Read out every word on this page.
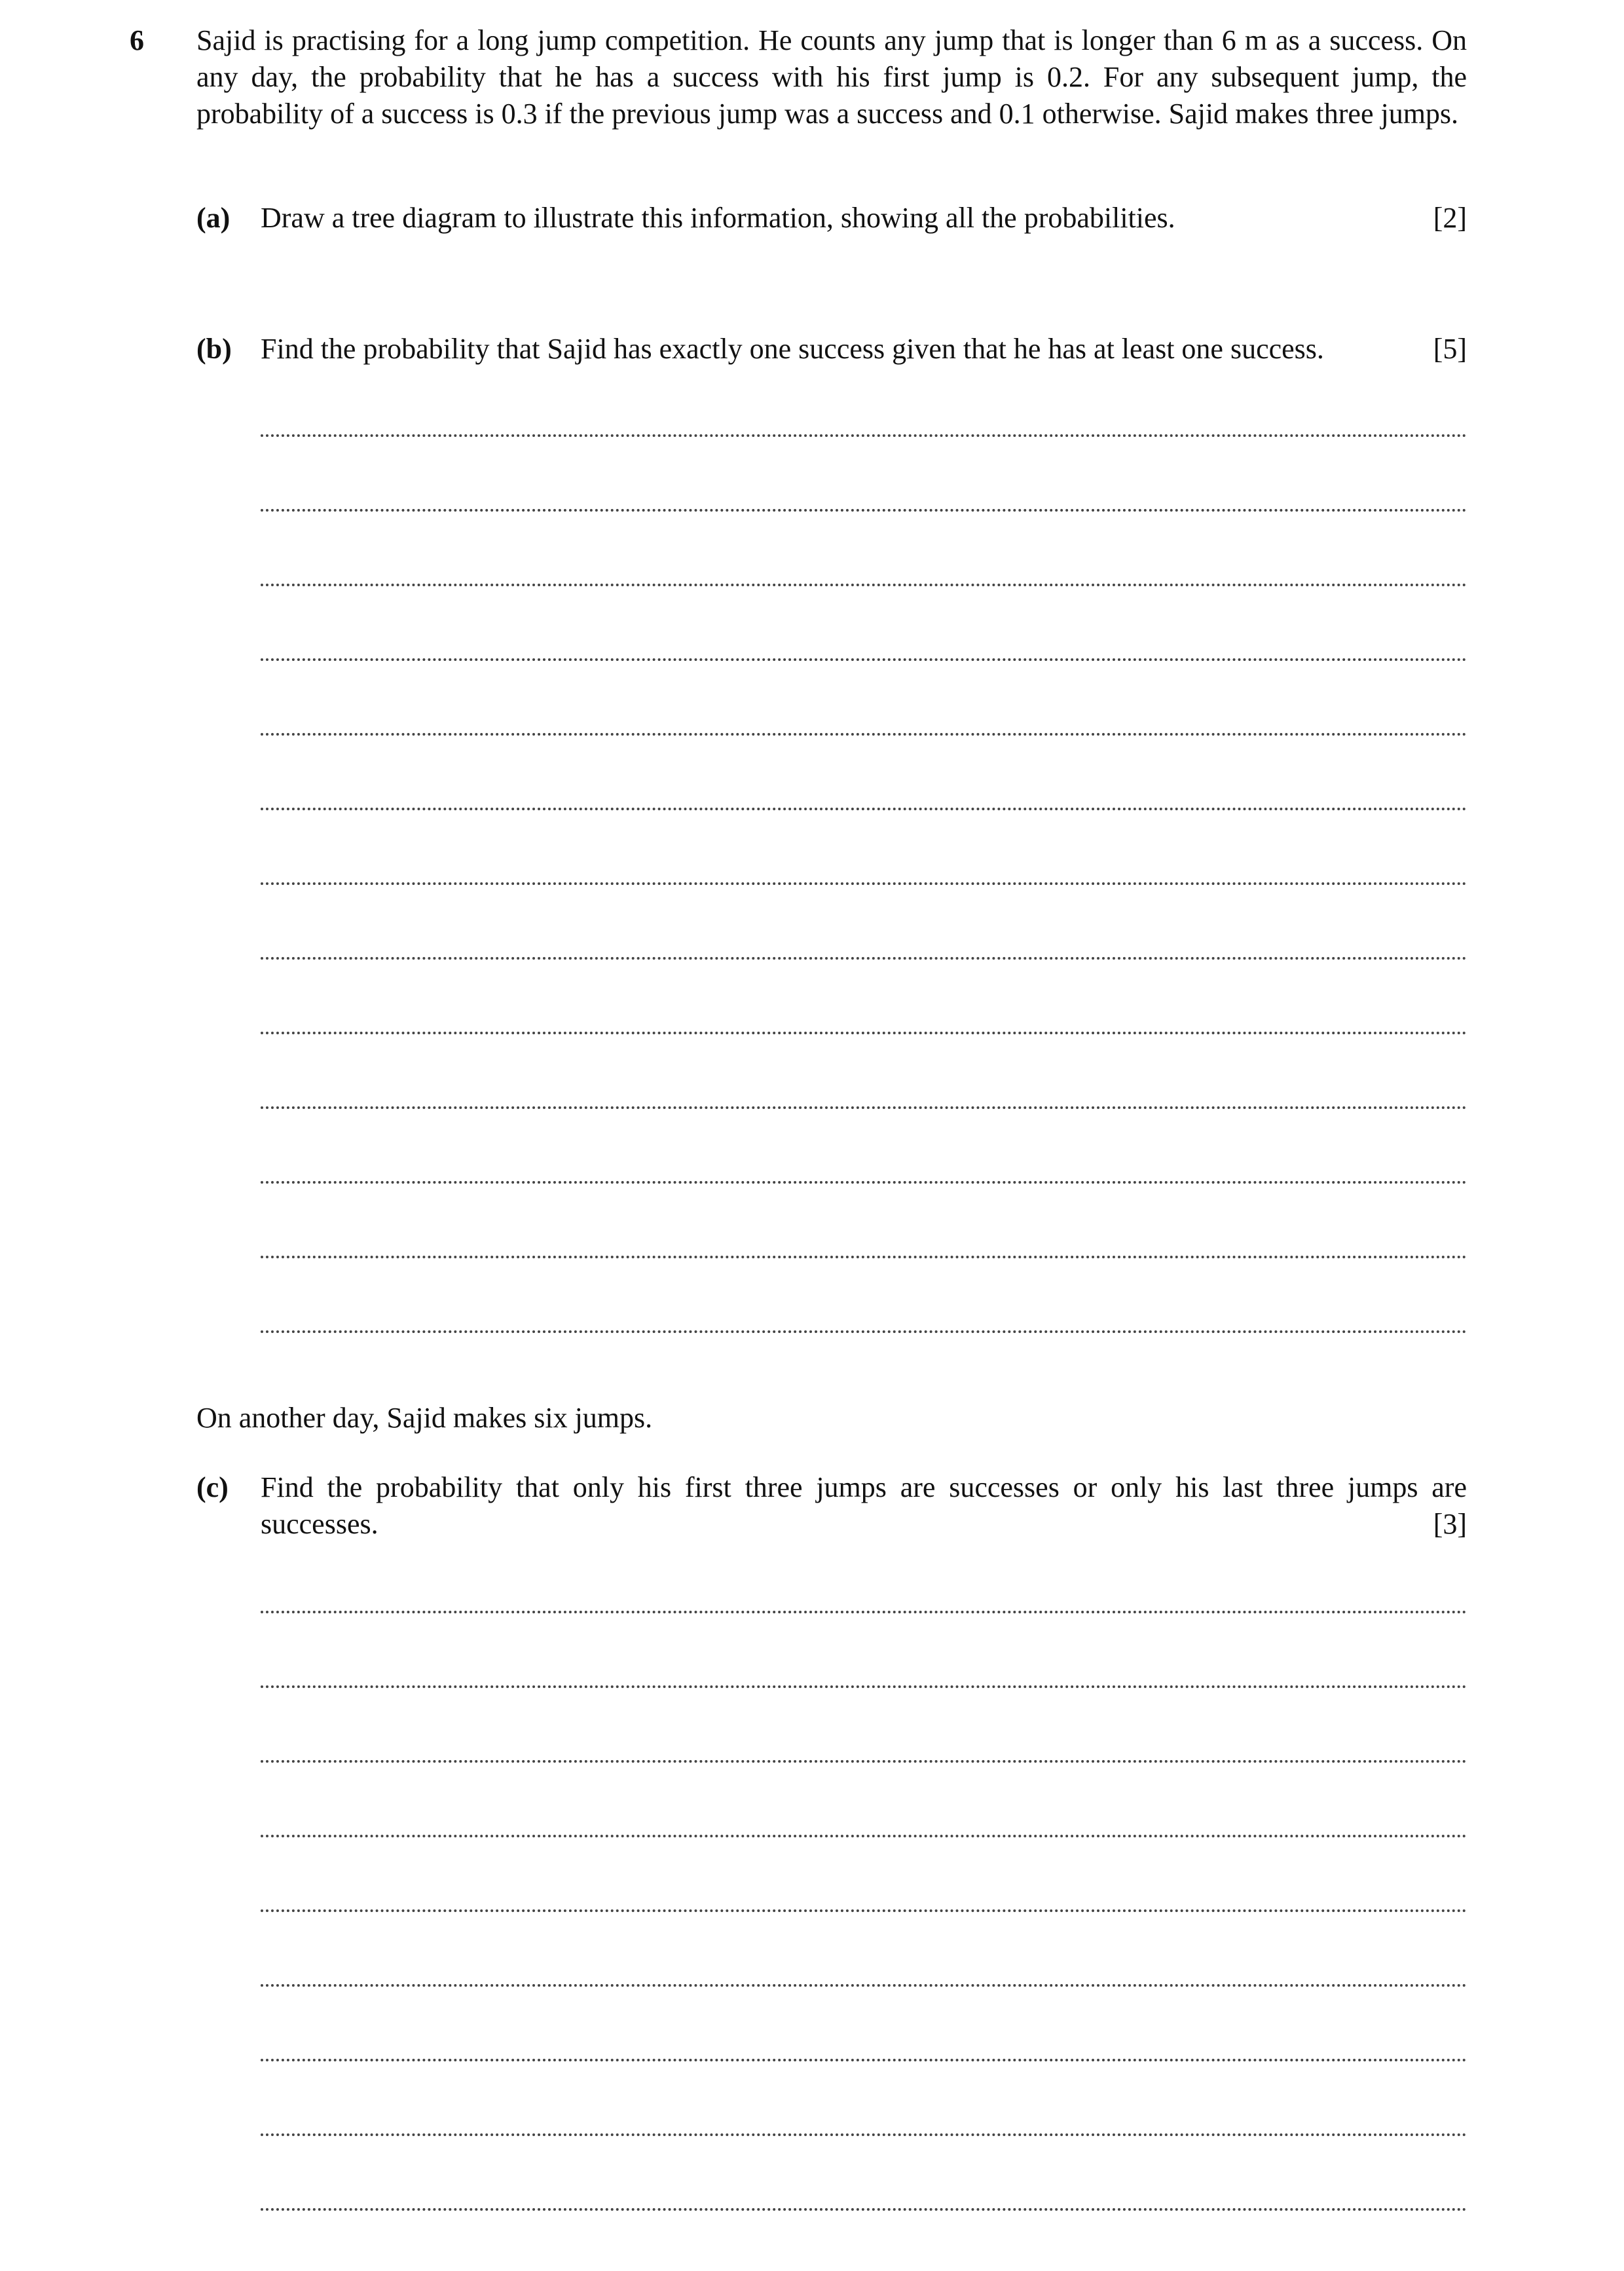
6 Sajid is practising for a long jump competition. He counts any jump that is longer than 6 m as a success. On any day, the probability that he has a success with his first jump is 0.2. For any subsequent jump, the probability of a success is 0.3 if the previous jump was a success and 0.1 otherwise. Sajid makes three jumps.
(a) Draw a tree diagram to illustrate this information, showing all the probabilities.	[2]
(b) Find the probability that Sajid has exactly one success given that he has at least one success.	[5]
On another day, Sajid makes six jumps.
(c) Find the probability that only his first three jumps are successes or only his last three jumps are successes.	[3]
